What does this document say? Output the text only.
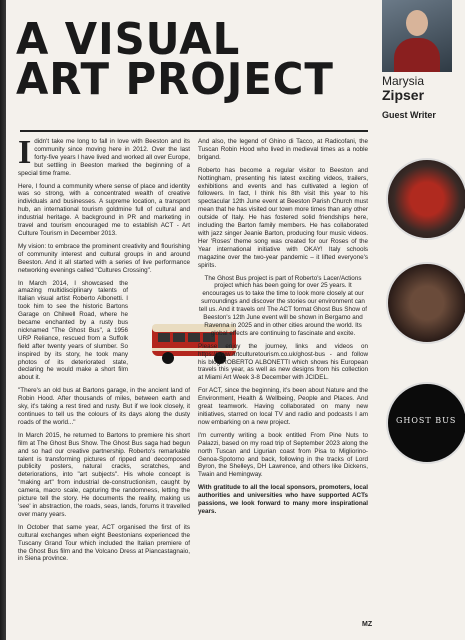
A VISUAL
ART PROJECT	Marysia
Zipser
Guest Writer

Ididn't take me long to fall in love with Beeston and its community since moving here in 2012. Over the last forty-five years I have lived and worked all over Europe, but settling in Beeston marked the beginning of a special time frame.

Here, I found a community where sense of place and identity was so strong, with a concentrated wealth of creative individuals and businesses. A supreme location, a transport hub, an international tourism goldmine full of cultural and industrial heritage. A background in PR and marketing in travel and tourism encouraged me to establish ACT - Art Culture Tourism in December 2013.

My vision: to embrace the prominent creativity and flourishing of community interest and cultural groups in and around Beeston. And it all started with a series of live performance networking evenings called "Cultures Crossing".

In March 2014, I showcased the amazing multidisciplinary talents of Italian visual artist Roberto Albonetti. I took him to see the historic Bartons Garage on Chilwell Road, where he became enchanted by a rusty bus nicknamed "The Ghost Bus", a 1956 URP Reliance, rescued from a Suffolk field after twenty years of slumber. So inspired by its story, he took many photos of its deteriorated state, declaring he would make a short film about it.

"There's an old bus at Bartons garage, in the ancient land of Robin Hood. After thousands of miles, between earth and sky, it's taking a rest tired and rusty. But if we look closely, it continues to tell us the colours of its days along the dusty roads of the world..."

In March 2015, he returned to Bartons to premiere his short film at The Ghost Bus Show. The Ghost Bus saga had begun and so had our creative partnership. Roberto's remarkable talent is transforming pictures of ripped and decomposed publicity posters, natural cracks, scratches, and deteriorations, into "art subjects". His whole concept is "making art" from industrial de-constructionism, caught by camera, macro scale, capturing the randomness, letting the picture tell the story. He documents the reality, making us 'see' in abstraction, the roads, seas, lands, forums it travelled over many years.

In October that same year, ACT organised the first of its cultural exchanges when eight Beestonians experienced the Tuscany Grand Tour which included the Italian premiere of the Ghost Bus film and the Volcano Dress at Piancastagnaio, in Siena province.

And also, the legend of Ghino di Tacco, at Radicofani, the Tuscan Robin Hood who lived in medieval times as a noble brigand.

Roberto has become a regular visitor to Beeston and Nottingham, presenting his latest exciting videos, trailers, exhibitions and events and has cultivated a legion of followers. In fact, I think his 8th visit this year to his spectacular 12th June event at Beeston Parish Church must mean that he has visited our town more times than any other outside of Italy. He has fostered solid friendships here, including the Barton family members. He has collaborated with jazz singer Jeanie Barton, producing four music videos. Her 'Roses' theme song was created for our Roses of the Year international initiative with OKAY! Italy schools magazine over the two-year pandemic – it lifted everyone's spirits.

The Ghost Bus project is part of Roberto's Lacer/Actions project which has been going for over 25 years. It encourages us to take the time to look more closely at our surroundings and discover the stories our environment can tell us. And it travels on! The ACT format Ghost Bus Show of Beeston's 12th June event will be shown in Bergamo and Ravenna in 2025 and in other cities around the world. Its global effects are continuing to fascinate and excite.

Please enjoy the journey, links and videos on https://www.artculturetourism.co.uk/ghost-bus - and follow his blog ROBERTO ALBONETTI which shows his European travels this year, as well as new designs from his collection at Miami Art Week 3-8 December with JCIDEL.

For ACT, since the beginning, it's been about Nature and the Environment, Health & Wellbeing, People and Places. And great teamwork. Having collaborated on many new initiatives, starred on local TV and radio and podcasts I am now embarking on a new project.

I'm currently writing a book entitled From Pine Nuts to Palazzi, based on my road trip of September 2023 along the north Tuscan and Ligurian coast from Pisa to Migliorino-Genoa-Spotorno and back, following in the tracks of Lord Byron, the Shelleys, DH Lawrence, and others like Dickens, Twain and Hemingway.

With gratitude to all the local sponsors, promoters, local authorities and universities who have supported ACTs passions, we look forward to many more inspirational years.

GHOST BUS
MZ
